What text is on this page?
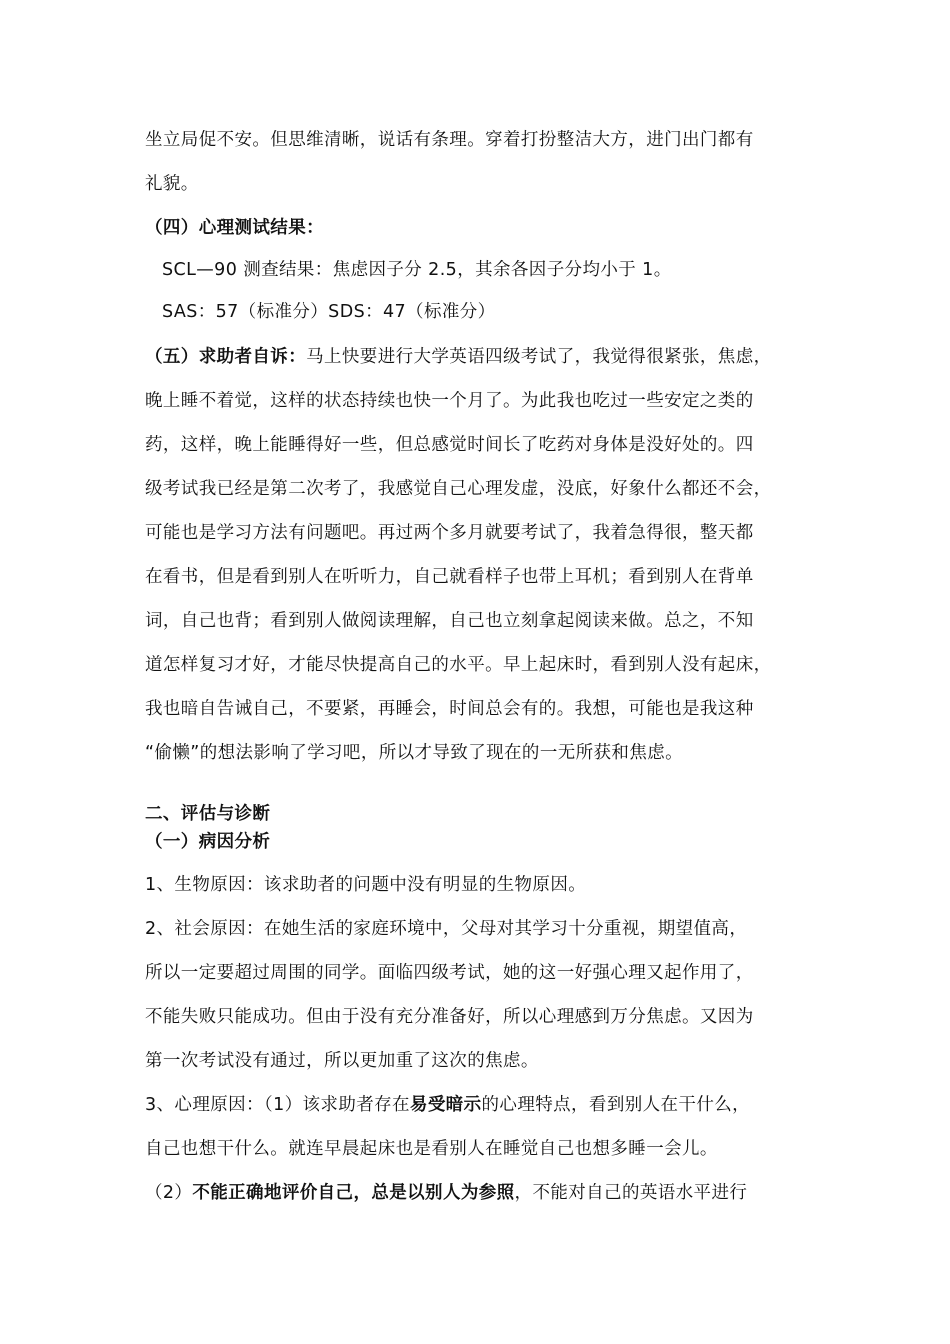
坐立局促不安。但思维清晰，说话有条理。穿着打扮整洁大方，进门出门都有

礼貌。

（四）心理测试结果：

SCL—90 测查结果：焦虑因子分 2.5，其余各因子分均小于 1。

SAS：57（标准分）SDS：47（标准分）

（五）求助者自诉：马上快要进行大学英语四级考试了，我觉得很紧张，焦虑，

晚上睡不着觉，这样的状态持续也快一个月了。为此我也吃过一些安定之类的

药，这样，晚上能睡得好一些，但总感觉时间长了吃药对身体是没好处的。四

级考试我已经是第二次考了，我感觉自己心理发虚，没底，好象什么都还不会，

可能也是学习方法有问题吧。再过两个多月就要考试了，我着急得很，整天都

在看书，但是看到别人在听听力，自己就看样子也带上耳机；看到别人在背单

词，自己也背；看到别人做阅读理解，自己也立刻拿起阅读来做。总之，不知

道怎样复习才好，才能尽快提高自己的水平。早上起床时，看到别人没有起床，

我也暗自告诫自己，不要紧，再睡会，时间总会有的。我想，可能也是我这种

“偷懒”的想法影响了学习吧，所以才导致了现在的一无所获和焦虑。

二、评估与诊断

（一）病因分析

1、生物原因：该求助者的问题中没有明显的生物原因。

2、社会原因：在她生活的家庭环境中，父母对其学习十分重视，期望值高，

所以一定要超过周围的同学。面临四级考试，她的这一好强心理又起作用了，

不能失败只能成功。但由于没有充分准备好，所以心理感到万分焦虑。又因为

第一次考试没有通过，所以更加重了这次的焦虑。

3、心理原因：（1）该求助者存在易受暗示的心理特点，看到别人在干什么，

自己也想干什么。就连早晨起床也是看别人在睡觉自己也想多睡一会儿。

（2）不能正确地评价自己，总是以别人为参照，不能对自己的英语水平进行
